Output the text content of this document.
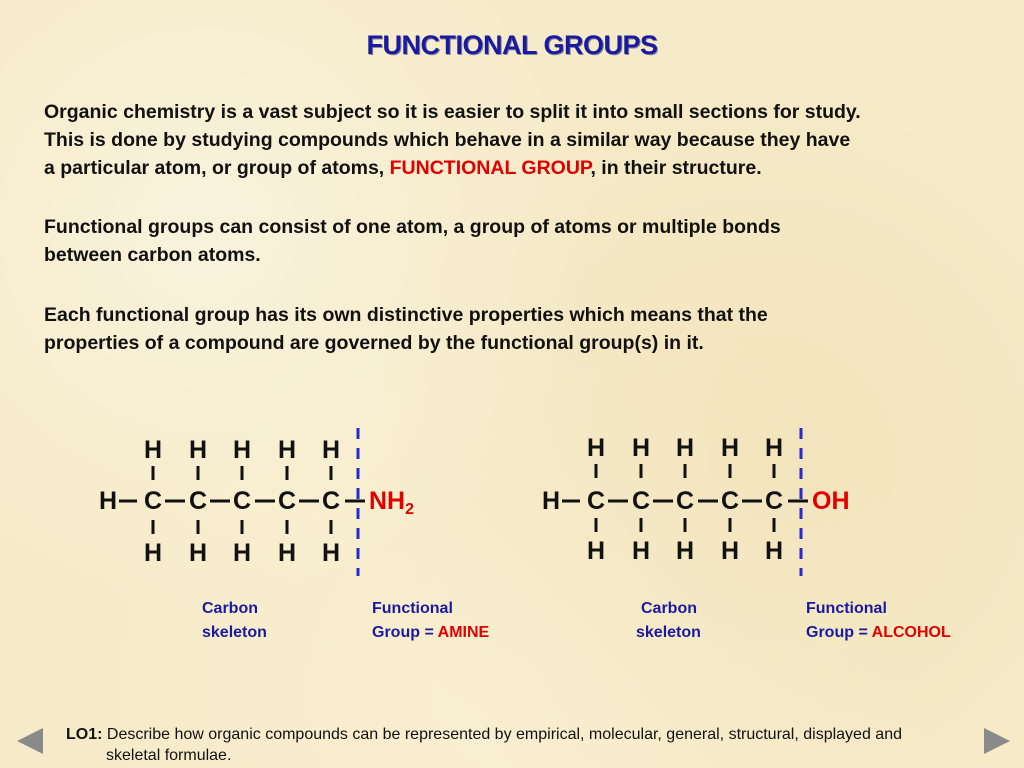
FUNCTIONAL GROUPS
Organic chemistry is a vast subject so it is easier to split it into small sections for study.
This is done by studying compounds which behave in a similar way because they have
a particular atom, or group of atoms, FUNCTIONAL GROUP, in their structure.
Functional groups can consist of one atom, a group of atoms or multiple bonds
between carbon atoms.
Each functional group has its own distinctive properties which means that the
properties of a compound are governed by the functional group(s) in it.
H C C C C C
H H H H H
H H H H H
$NH_2$
Carbon
skeleton
Functional
Group = AMINE
H C C C C C
H H H H H
H H H H H
OH
Carbon
skeleton
Functional
Group = ALCOHOL
LO1: Describe how organic compounds can be represented by empirical, molecular, general, structural, displayed and
skeletal formulae.
